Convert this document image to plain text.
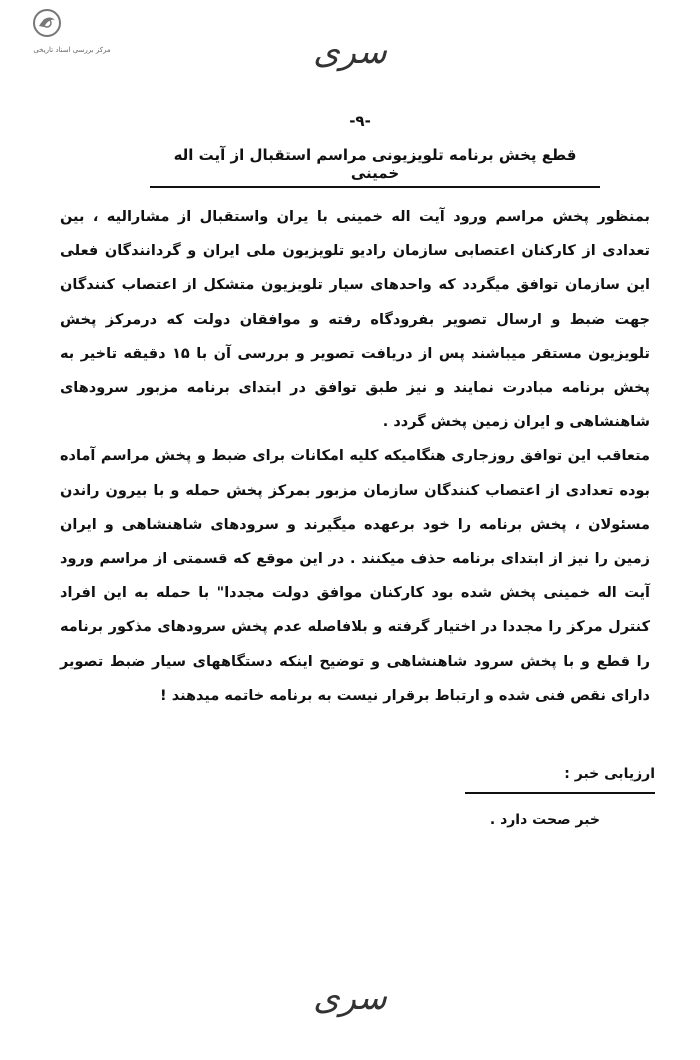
مرکز بررسی اسناد تاریخی	سری
-۹-
قطع پخش برنامه تلویزیونی مراسم استقبال از آیت اله خمینی

بمنظور پخش مراسم ورود آیت اله خمینی با یران واستقبال از مشارالیه ، بین تعدادی از کارکنان اعتصابی سازمان رادیو تلویزیون ملی ایران و گردانندگان فعلی این سازمان توافق میگردد که واحدهای سیار تلویزیون متشکل از اعتصاب کنندگان جهت ضبط و ارسال تصویر بفرودگاه رفته و موافقان دولت که درمرکز پخش تلویزیون مستقر میباشند پس از دریافت تصویر و بررسی آن با ۱۵ دقیقه تاخیر به پخش برنامه مبادرت نمایند و نیز طبق توافق در ابتدای برنامه مزبور سرودهای شاهنشاهی و ایران زمین پخش گردد .

متعاقب این توافق روزجاری هنگامیکه کلیه امکانات برای ضبط و پخش مراسم آماده بوده تعدادی از اعتصاب کنندگان سازمان مزبور بمرکز پخش حمله و با بیرون راندن مسئولان ، پخش برنامه را خود برعهده میگیرند و سرودهای شاهنشاهی و ایران زمین را نیز از ابتدای برنامه حذف میکنند . در این موقع که قسمتی از مراسم ورود آیت اله خمینی پخش شده بود کارکنان موافق دولت مجددا" با حمله به این افراد کنترل مرکز را مجددا در اختیار گرفته و بلافاصله عدم پخش سرودهای مذکور برنامه را قطع و با پخش سرود شاهنشاهی و توضیح اینکه دستگاههای سیار ضبط تصویر دارای نقص فنی شده و ارتباط برقرار نیست به برنامه خاتمه میدهند !

ارزیابی خبر :
خبر صحت دارد .
سری
